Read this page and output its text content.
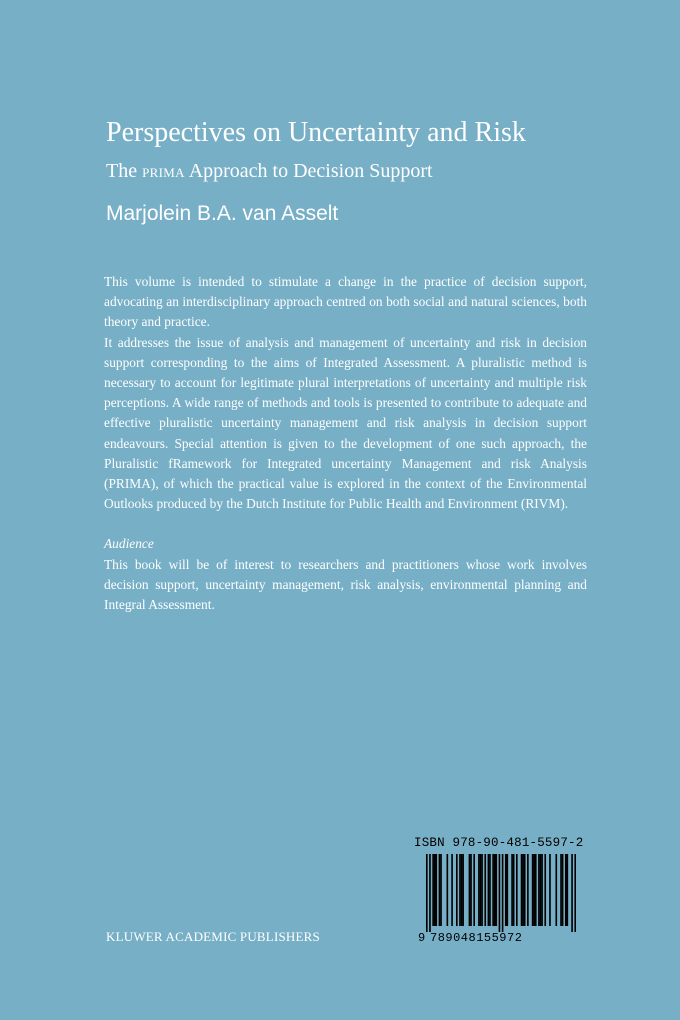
Perspectives on Uncertainty and Risk
The PRIMA Approach to Decision Support
Marjolein B.A. van Asselt

This volume is intended to stimulate a change in the practice of decision support, advocating an interdisciplinary approach centred on both social and natural sciences, both theory and practice.

It addresses the issue of analysis and management of uncertainty and risk in decision support corresponding to the aims of Integrated Assessment. A pluralistic method is necessary to account for legitimate plural interpretations of uncertainty and multiple risk perceptions. A wide range of methods and tools is presented to contribute to adequate and effective pluralistic uncertainty management and risk analysis in decision support endeavours. Special attention is given to the development of one such approach, the Pluralistic fRamework for Integrated uncertainty Management and risk Analysis (PRIMA), of which the practical value is explored in the context of the Environmental Outlooks produced by the Dutch Institute for Public Health and Environment (RIVM).

Audience

This book will be of interest to researchers and practitioners whose work involves decision support, uncertainty management, risk analysis, environmental planning and Integral Assessment.

KLUWER ACADEMIC PUBLISHERS
ISBN 978-90-481-5597-2
9 789048155972
